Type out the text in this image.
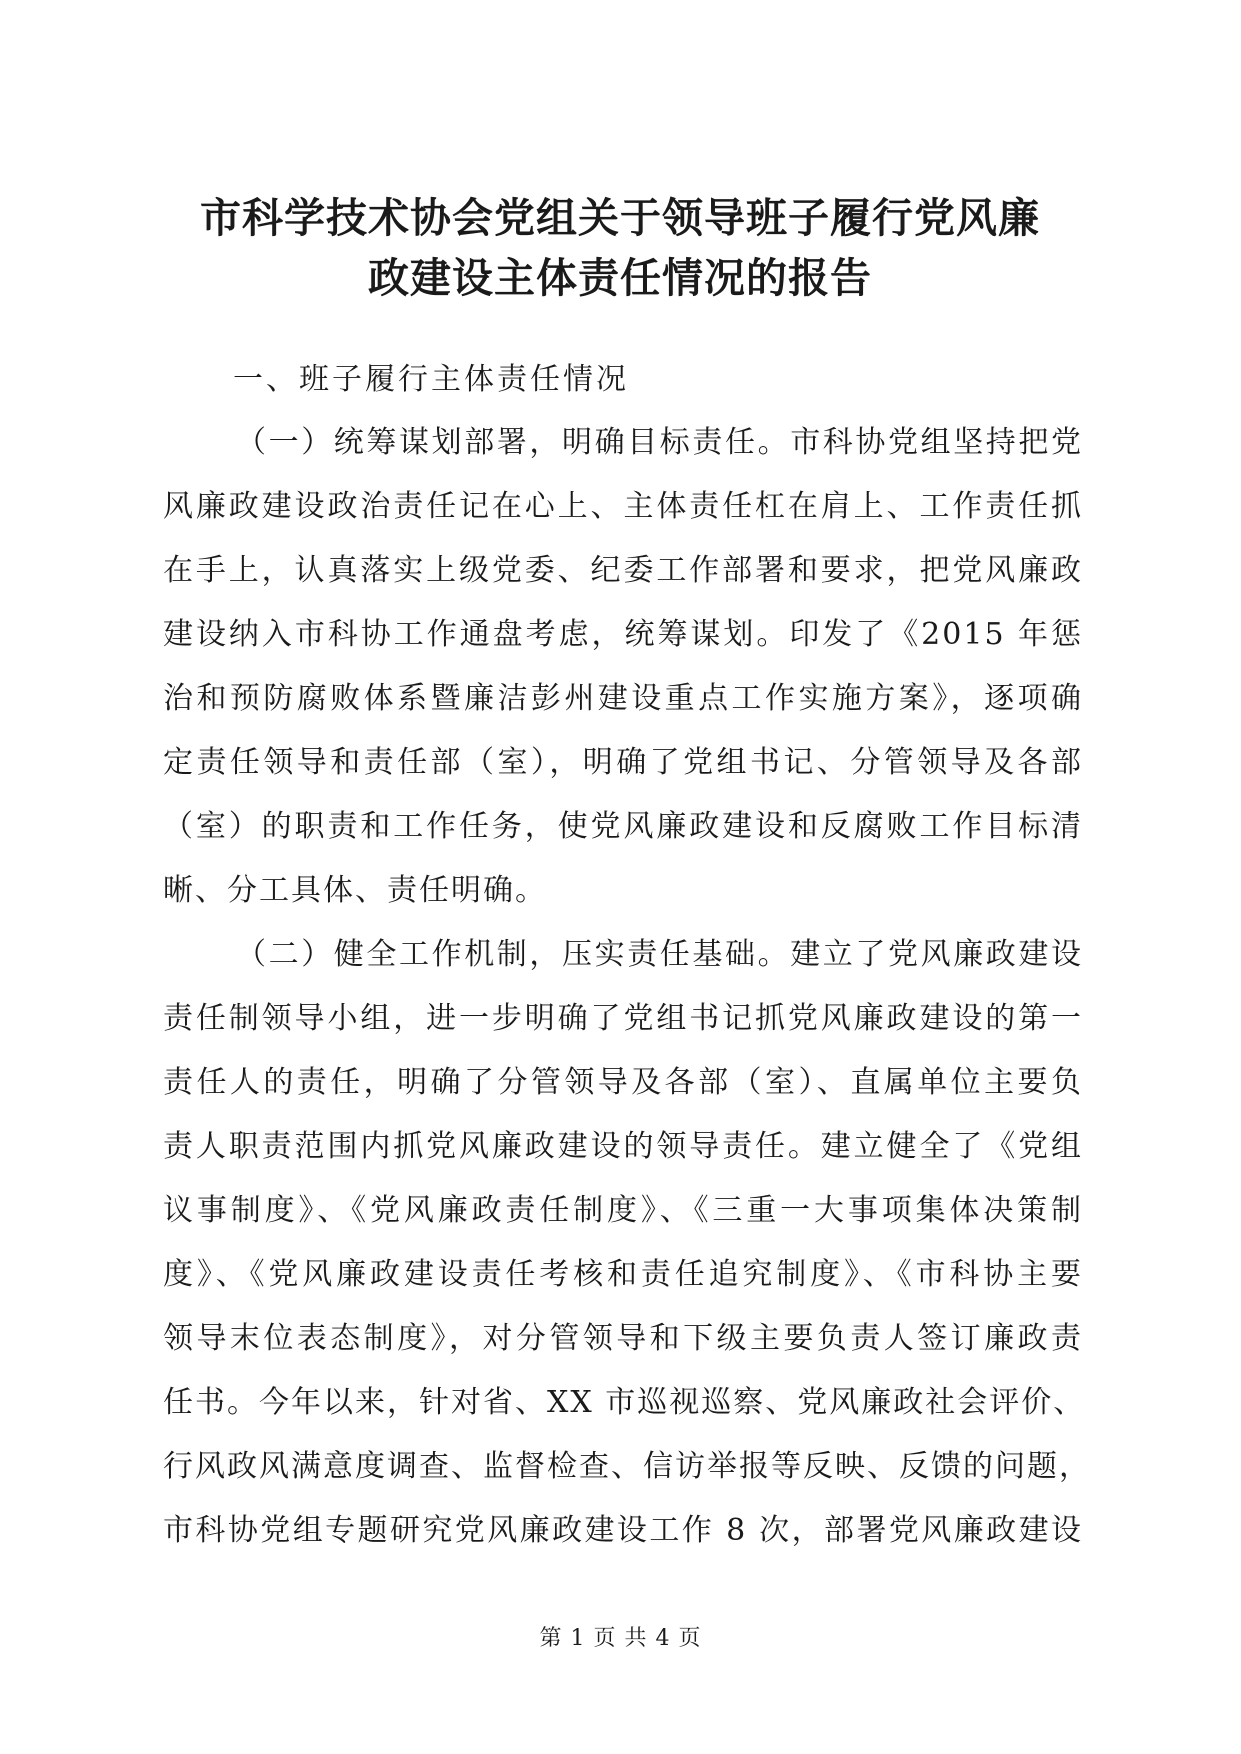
市科学技术协会党组关于领导班子履行党风廉
政建设主体责任情况的报告
一、班子履行主体责任情况
（一）统筹谋划部署，明确目标责任。市科协党组坚持把党
风廉政建设政治责任记在心上、主体责任杠在肩上、工作责任抓
在手上，认真落实上级党委、纪委工作部署和要求，把党风廉政
建设纳入市科协工作通盘考虑，统筹谋划。印发了《2015 年惩
治和预防腐败体系暨廉洁彭州建设重点工作实施方案》，逐项确
定责任领导和责任部（室），明确了党组书记、分管领导及各部
（室）的职责和工作任务，使党风廉政建设和反腐败工作目标清
晰、分工具体、责任明确。
（二）健全工作机制，压实责任基础。建立了党风廉政建设
责任制领导小组，进一步明确了党组书记抓党风廉政建设的第一
责任人的责任，明确了分管领导及各部（室）、直属单位主要负
责人职责范围内抓党风廉政建设的领导责任。建立健全了《党组
议事制度》、《党风廉政责任制度》、《三重一大事项集体决策制
度》、《党风廉政建设责任考核和责任追究制度》、《市科协主要
领导末位表态制度》，对分管领导和下级主要负责人签订廉政责
任书。今年以来，针对省、XX 市巡视巡察、党风廉政社会评价、
行风政风满意度调查、监督检查、信访举报等反映、反馈的问题，
市科协党组专题研究党风廉政建设工作 8 次，部署党风廉政建设
第 1 页 共 4 页
